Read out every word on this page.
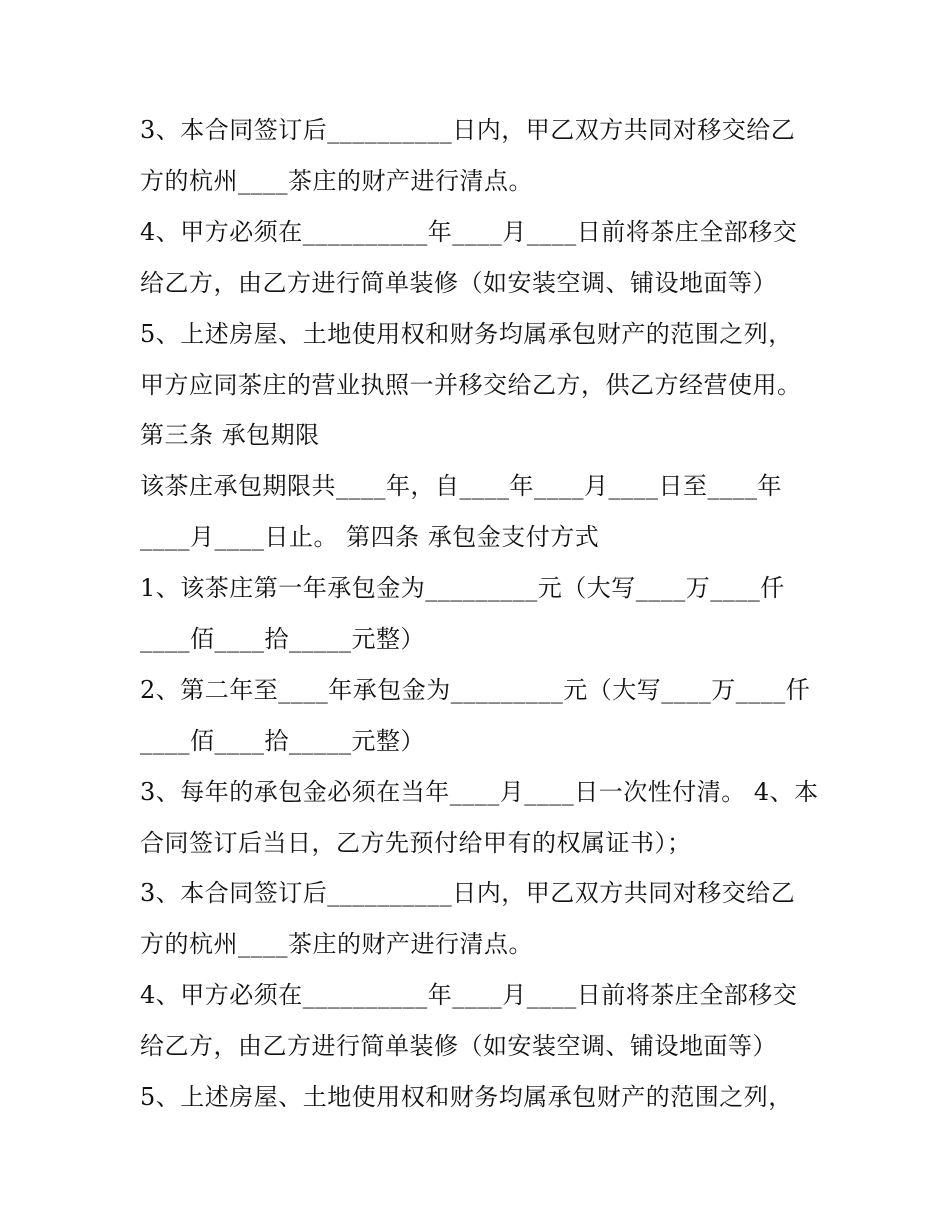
3、本合同签订后__________日内，甲乙双方共同对移交给乙
方的杭州____茶庄的财产进行清点。
4、甲方必须在__________年____月____日前将茶庄全部移交
给乙方，由乙方进行简单装修（如安装空调、铺设地面等）
5、上述房屋、土地使用权和财务均属承包财产的范围之列，
甲方应同茶庄的营业执照一并移交给乙方，供乙方经营使用。
第三条 承包期限
该茶庄承包期限共____年，自____年____月____日至____年
____月____日止。 第四条 承包金支付方式
1、该茶庄第一年承包金为_________元（大写____万____仟
____佰____拾_____元整）
2、第二年至____年承包金为_________元（大写____万____仟
____佰____拾_____元整）
3、每年的承包金必须在当年____月____日一次性付清。 4、本
合同签订后当日，乙方先预付给甲有的权属证书）；
3、本合同签订后__________日内，甲乙双方共同对移交给乙
方的杭州____茶庄的财产进行清点。
4、甲方必须在__________年____月____日前将茶庄全部移交
给乙方，由乙方进行简单装修（如安装空调、铺设地面等）
5、上述房屋、土地使用权和财务均属承包财产的范围之列，
